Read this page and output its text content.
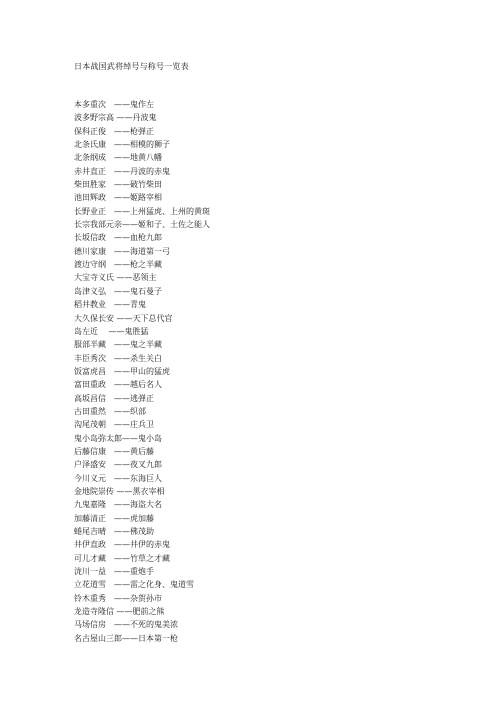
日本战国武将绰号与称号一览表
本多重次　——鬼作左
波多野宗高 ——丹波鬼
保科正俊　——枪弹正
北条氏康　——相模的狮子
北条纲成　——地黄八幡
赤井直正　——丹波的赤鬼
柴田胜家　——破竹柴田
池田辉政　——姬路宰相
长野业正　——上州猛虎、上州的黄斑
长宗我部元亲——姬和子、土佐之能人
长坂信政　——血枪九郎
德川家康　——海道第一弓
渡边守纲　——枪之半藏
大宝寺义氏 ——恶领主
岛津义弘　——鬼石曼子
稻井教业　——青鬼
大久保长安 ——天下总代官
岛左近　 ——鬼胜猛
服部半藏　——鬼之半藏
丰臣秀次　——杀生关白
饭富虎昌　——甲山的猛虎
富田重政　——越后名人
高坂昌信　——逃弹正
古田重然　——织部
沟尾茂朝　——庄兵卫
鬼小岛弥太郎——鬼小岛
后藤信康　——黄后藤
户泽盛安　——夜叉九郎
今川义元　——东海巨人
金地院崇传 ——黑衣宰相
九鬼嘉隆　——海盗大名
加藤清正　——虎加藤
蜷尾吉晴　——佛茂助
井伊直政　——井伊的赤鬼
可儿才藏　——竹草之才藏
泷川一益　——重炮手
立花道雪　——雷之化身、鬼道雪
铃木重秀　——杂贺孙市
龙造寺隆信 ——肥前之熊
马场信房　——不死的鬼美浓
名古屋山三郎——日本第一枪
